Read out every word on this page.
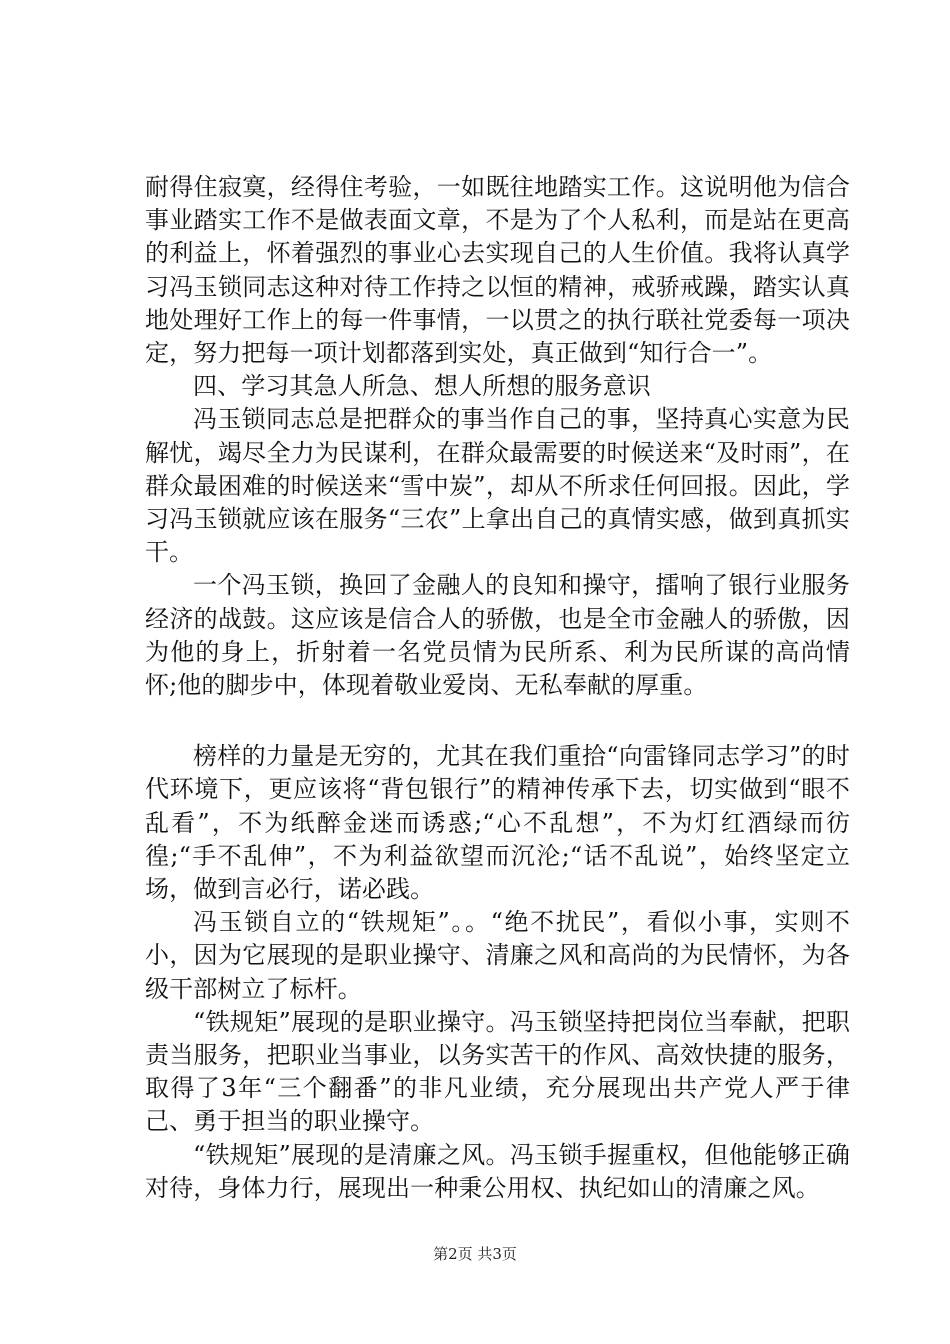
耐得住寂寞，经得住考验，一如既往地踏实工作。这说明他为信合事业踏实工作不是做表面文章，不是为了个人私利，而是站在更高的利益上，怀着强烈的事业心去实现自己的人生价值。我将认真学习冯玉锁同志这种对待工作持之以恒的精神，戒骄戒躁，踏实认真地处理好工作上的每一件事情，一以贯之的执行联社党委每一项决定，努力把每一项计划都落到实处，真正做到“知行合一”。

四、学习其急人所急、想人所想的服务意识

冯玉锁同志总是把群众的事当作自己的事，坚持真心实意为民解忧，竭尽全力为民谋利，在群众最需要的时候送来“及时雨”，在群众最困难的时候送来“雪中炭”，却从不所求任何回报。因此，学习冯玉锁就应该在服务“三农”上拿出自己的真情实感，做到真抓实干。

一个冯玉锁，换回了金融人的良知和操守，擂响了银行业服务经济的战鼓。这应该是信合人的骄傲，也是全市金融人的骄傲，因为他的身上，折射着一名党员情为民所系、利为民所谋的高尚情怀;他的脚步中，体现着敬业爱岗、无私奉献的厚重。

榜样的力量是无穷的，尤其在我们重拾“向雷锋同志学习”的时代环境下，更应该将“背包银行”的精神传承下去，切实做到“眼不乱看”，不为纸醉金迷而诱惑;“心不乱想”，不为灯红酒绿而彷徨;“手不乱伸”，不为利益欲望而沉沦;“话不乱说”，始终坚定立场，做到言必行，诺必践。

冯玉锁自立的“铁规矩”。。“绝不扰民”，看似小事，实则不小，因为它展现的是职业操守、清廉之风和高尚的为民情怀，为各级干部树立了标杆。

“铁规矩”展现的是职业操守。冯玉锁坚持把岗位当奉献，把职责当服务，把职业当事业，以务实苦干的作风、高效快捷的服务，取得了3年“三个翻番”的非凡业绩，充分展现出共产党人严于律己、勇于担当的职业操守。

“铁规矩”展现的是清廉之风。冯玉锁手握重权，但他能够正确对待，身体力行，展现出一种秉公用权、执纪如山的清廉之风。

第2页 共3页
